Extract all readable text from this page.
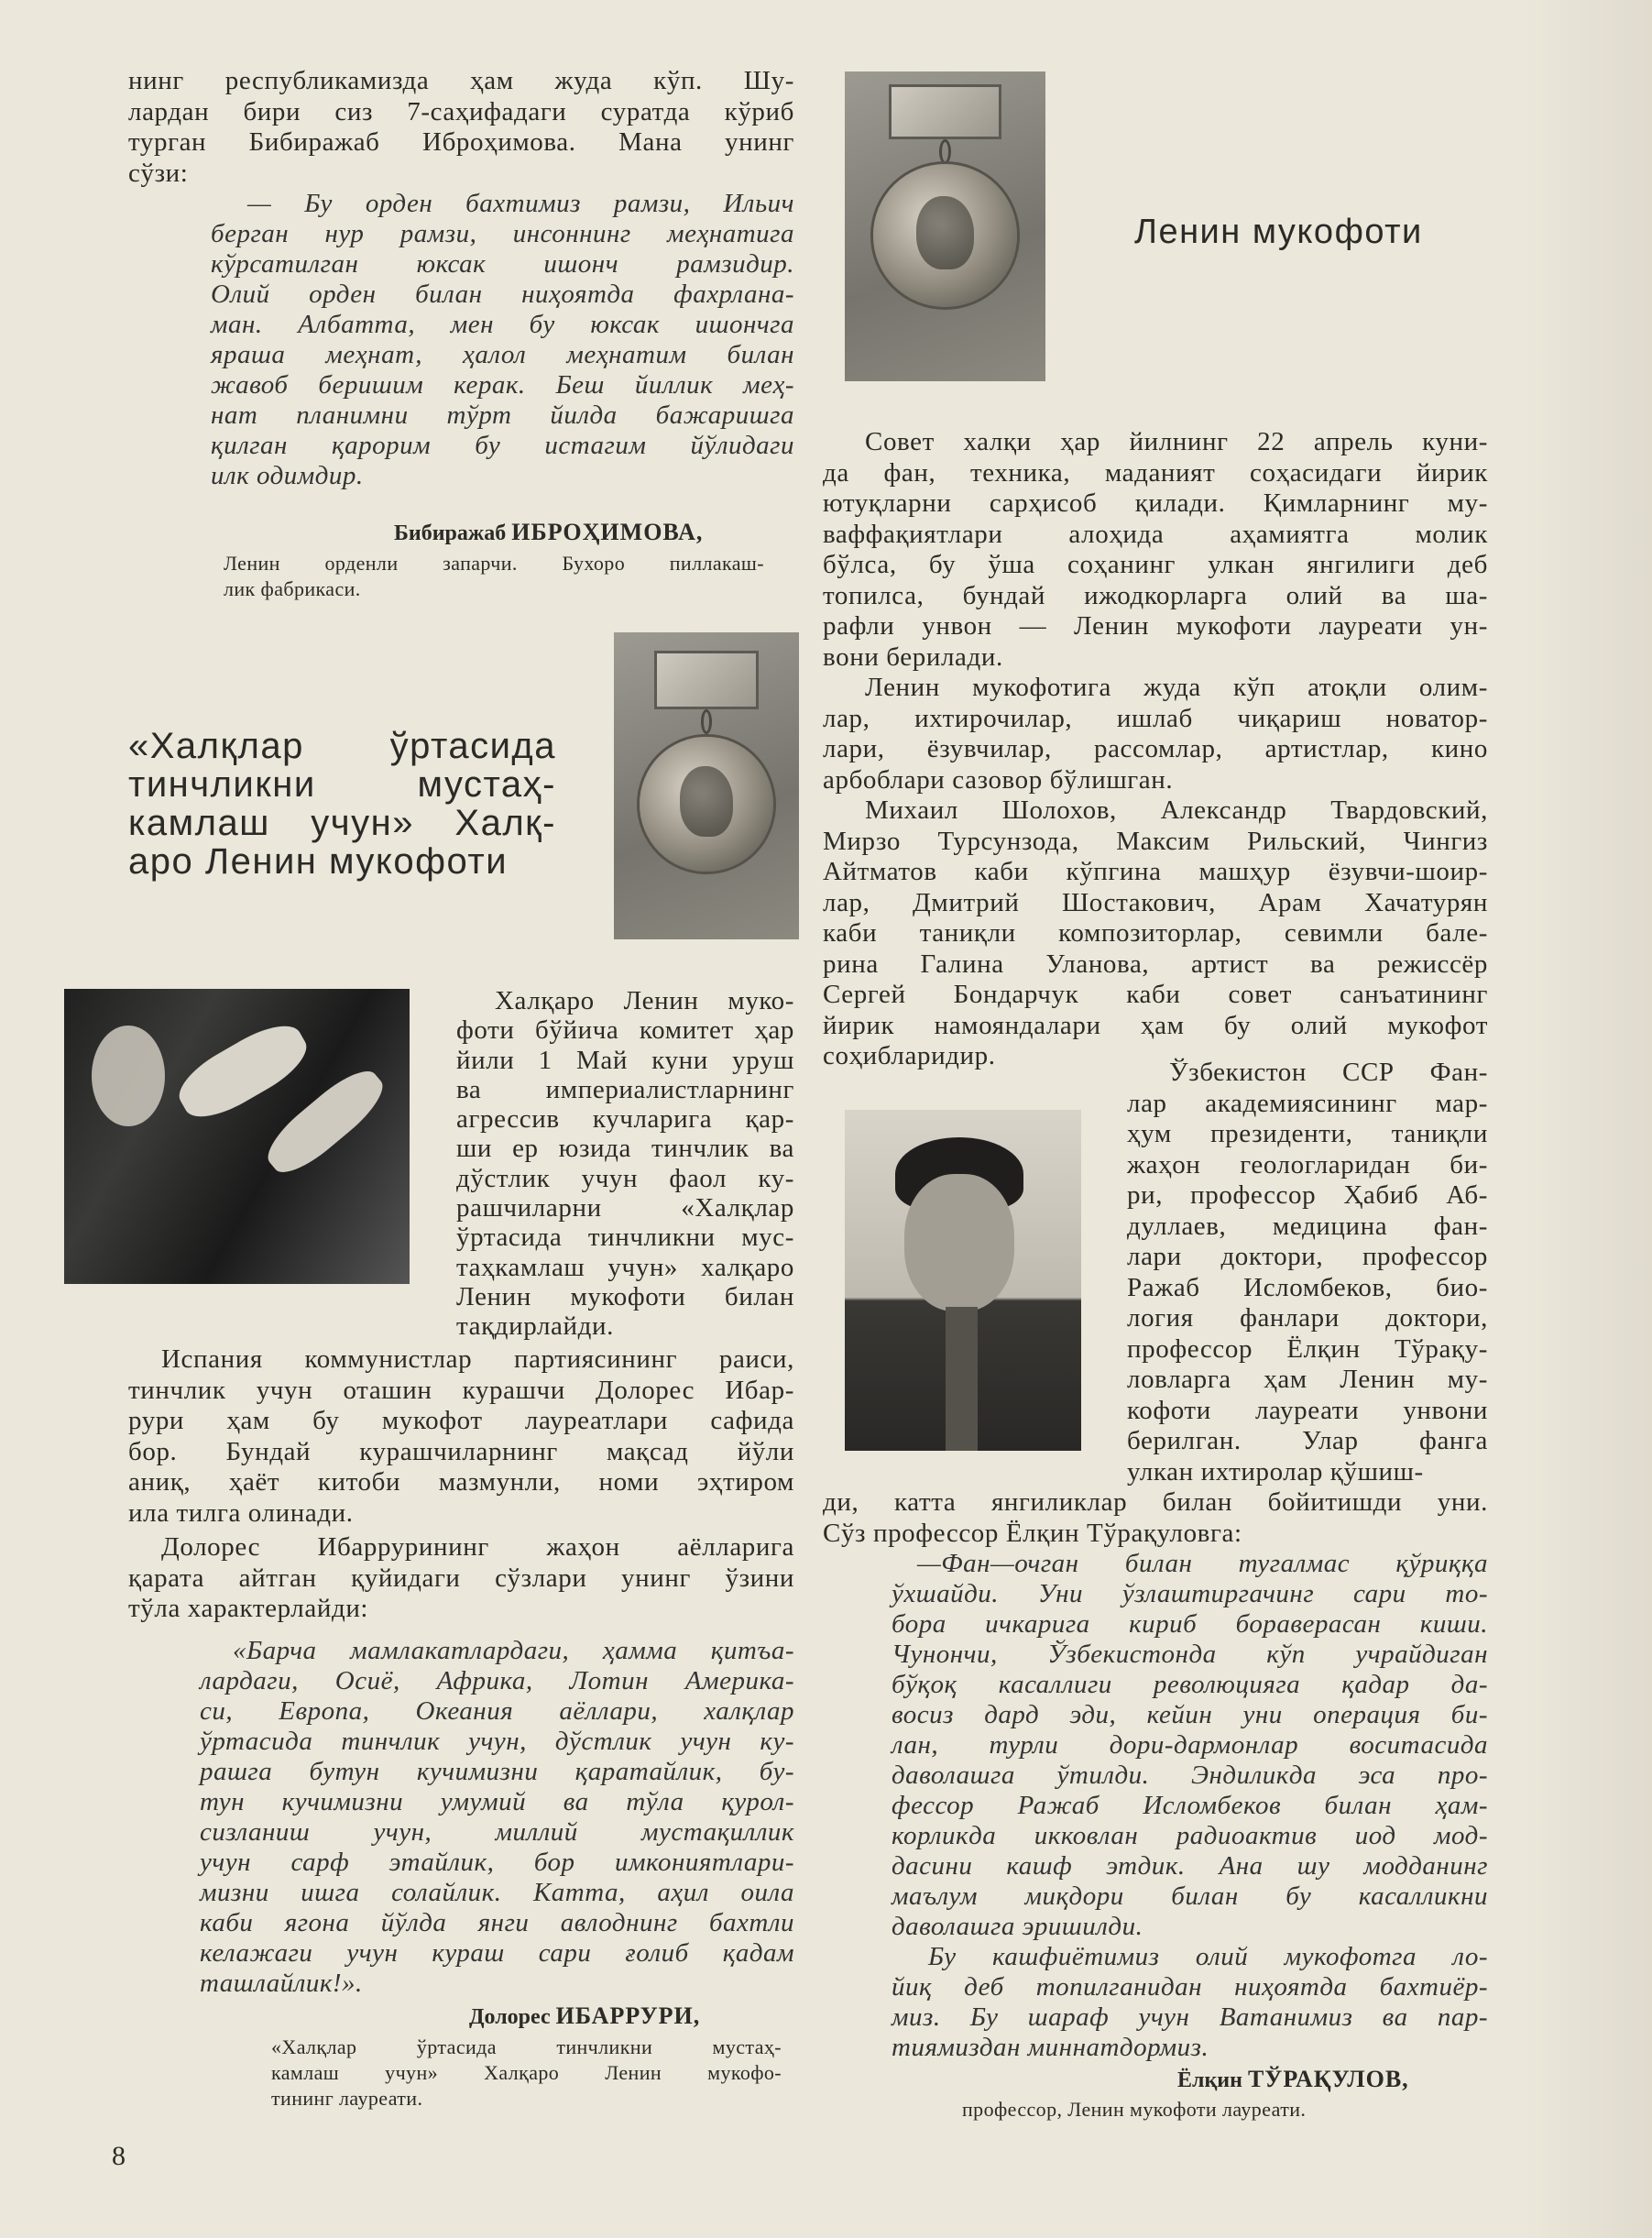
нинг республикамизда ҳам жуда кўп. Шу-
лардан бири сиз 7-саҳифадаги суратда кўриб
турган Бибиражаб Иброҳимова. Мана унинг
сўзи:
— Бу орден бахтимиз рамзи, Ильич
берган нур рамзи, инсоннинг меҳнатига
кўрсатилган юксак ишонч рамзидир.
Олий орден билан ниҳоятда фахрлана-
ман. Албатта, мен бу юксак ишончга
яраша меҳнат, ҳалол меҳнатим билан
жавоб беришим керак. Беш йиллик меҳ-
нат планимни тўрт йилда бажаришга
қилган қарорим бу истагим йўлидаги
илк одимдир.
Бибиражаб ИБРОҲИМОВА,
Ленин орденли запарчи. Бухоро пиллакаш-
лик фабрикаси.
«Халқлар ўртасида
тинчликни мустаҳ-
камлаш учун» Халқ-
аро Ленин мукофоти
Халқаро Ленин муко-
фоти бўйича комитет ҳар
йили 1 Май куни уруш
ва империалистларнинг
агрессив кучларига қар-
ши ер юзида тинчлик ва
дўстлик учун фаол ку-
рашчиларни «Халқлар
ўртасида тинчликни мус-
таҳкамлаш учун» халқаро
Ленин мукофоти билан
тақдирлайди.
Испания коммунистлар партиясининг раиси,
тинчлик учун оташин курашчи Долорес Ибар-
рури ҳам бу мукофот лауреатлари сафида
бор. Бундай курашчиларнинг мақсад йўли
аниқ, ҳаёт китоби мазмунли, номи эҳтиром
ила тилга олинади.
Долорес Ибаррурининг жаҳон аёлларига
қарата айтган қуйидаги сўзлари унинг ўзини
тўла характерлайди:
«Барча мамлакатлардаги, ҳамма қитъа-
лардаги, Осиё, Африка, Лотин Америка-
си, Европа, Океания аёллари, халқлар
ўртасида тинчлик учун, дўстлик учун ку-
рашга бутун кучимизни қаратайлик, бу-
тун кучимизни умумий ва тўла қурол-
сизланиш учун, миллий мустақиллик
учун сарф этайлик, бор имкониятлари-
мизни ишга солайлик. Катта, аҳил оила
каби ягона йўлда янги авлоднинг бахтли
келажаги учун кураш сари ғолиб қадам
ташлайлик!».
Долорес ИБАРРУРИ,
«Халқлар ўртасида тинчликни мустаҳ-
камлаш учун» Халқаро Ленин мукофо-
тининг лауреати.
8
Ленин мукофоти
Совет халқи ҳар йилнинг 22 апрель куни-
да фан, техника, маданият соҳасидаги йирик
ютуқларни сарҳисоб қилади. Қимларнинг му-
ваффақиятлари алоҳида аҳамиятга молик
бўлса, бу ўша соҳанинг улкан янгилиги деб
топилса, бундай ижодкорларга олий ва ша-
рафли унвон — Ленин мукофоти лауреати ун-
вони берилади.
Ленин мукофотига жуда кўп атоқли олим-
лар, ихтирочилар, ишлаб чиқариш новатор-
лари, ёзувчилар, рассомлар, артистлар, кино
арбоблари сазовор бўлишган.
Михаил Шолохов, Александр Твардовский,
Мирзо Турсунзода, Максим Рильский, Чингиз
Айтматов каби кўпгина машҳур ёзувчи-шоир-
лар, Дмитрий Шостакович, Арам Хачатурян
каби таниқли композиторлар, севимли бале-
рина Галина Уланова, артист ва режиссёр
Сергей Бондарчук каби совет санъатининг
йирик намояндалари ҳам бу олий мукофот
соҳибларидир.
Ўзбекистон ССР Фан-
лар академиясининг мар-
ҳум президенти, таниқли
жаҳон геологларидан би-
ри, профессор Ҳабиб Аб-
дуллаев, медицина фан-
лари доктори, профессор
Ражаб Исломбеков, био-
логия фанлари доктори,
профессор Ёлқин Тўрақу-
ловларга ҳам Ленин му-
кофоти лауреати унвони
берилган. Улар фанга
улкан ихтиролар қўшиш-
ди, катта янгиликлар билан бойитишди уни.
Сўз профессор Ёлқин Тўрақуловга:
—Фан—очган билан тугалмас қўриққа
ўхшайди. Уни ўзлаштиргачинг сари то-
бора ичкарига кириб бораверасан киши.
Чунончи, Ўзбекистонда кўп учрайдиган
бўқоқ касаллиги революцияга қадар да-
восиз дард эди, кейин уни операция би-
лан, турли дори-дармонлар воситасида
даволашга ўтилди. Эндиликда эса про-
фессор Ражаб Исломбеков билан ҳам-
корликда икковлан радиоактив иод мод-
дасини кашф этдик. Ана шу модданинг
маълум миқдори билан бу касалликни
даволашга эришилди.
Бу кашфиётимиз олий мукофотга ло-
йиқ деб топилганидан ниҳоятда бахтиёр-
миз. Бу шараф учун Ватанимиз ва пар-
тиямиздан миннатдормиз.
Ёлқин ТЎРАҚУЛОВ,
профессор, Ленин мукофоти лауреати.
